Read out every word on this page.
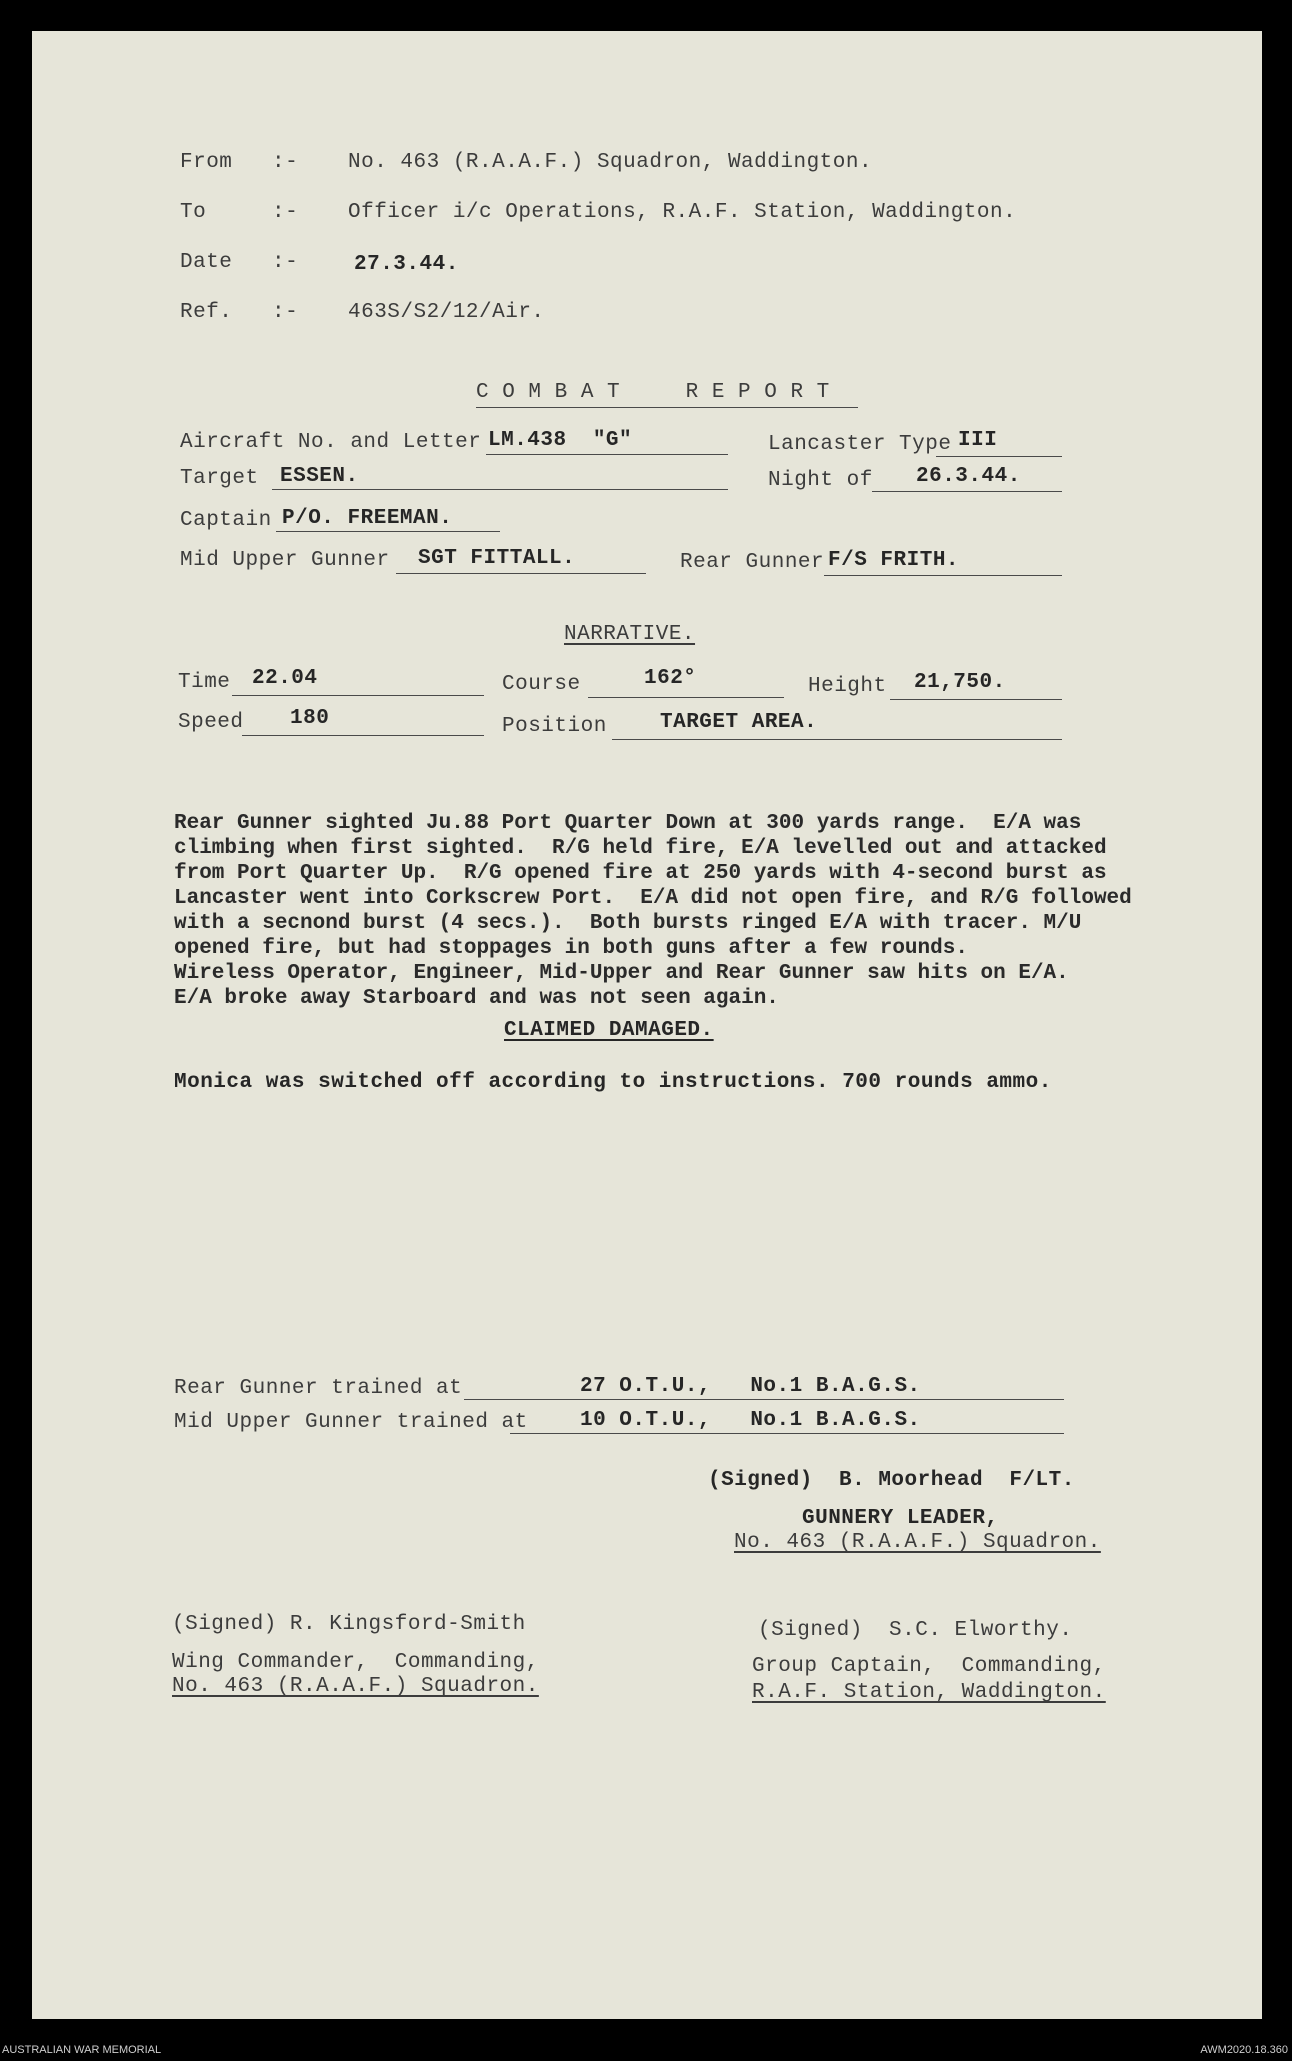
From :- No. 463 (R.A.A.F.) Squadron, Waddington.
To	:- Officer i/c Operations, R.A.F. Station, Waddington.
Date :-	27.3.44.
Ref. :- 463S/S2/12/Air.
C O M B A T     R E P O R T
Aircraft No. and Letter LM.438  "G"	Lancaster Type III
Target ESSEN.	Night of 26.3.44.
Captain P/O. FREEMAN.
Mid Upper Gunner SGT FITTALL.	Rear Gunner F/S FRITH.
NARRATIVE.
Time 22.04	Course	162°	Height 21,750.
Speed 180	Position	TARGET AREA.
Rear Gunner sighted Ju.88 Port Quarter Down at 300 yards range.  E/A was
climbing when first sighted.  R/G held fire, E/A levelled out and attacked
from Port Quarter Up.  R/G opened fire at 250 yards with 4-second burst as
Lancaster went into Corkscrew Port.  E/A did not open fire, and R/G followed
with a secnond burst (4 secs.).  Both bursts ringed E/A with tracer. M/U
opened fire, but had stoppages in both guns after a few rounds.
Wireless Operator, Engineer, Mid-Upper and Rear Gunner saw hits on E/A.
E/A broke away Starboard and was not seen again.
CLAIMED DAMAGED.
Monica was switched off according to instructions. 700 rounds ammo.
Rear Gunner trained at	27 O.T.U.,   No.1 B.A.G.S.
Mid Upper Gunner trained at 10 O.T.U.,   No.1 B.A.G.S.
(Signed)  B. Moorhead  F/LT.
GUNNERY LEADER,
No. 463 (R.A.A.F.) Squadron.
(Signed) R. Kingsford-Smith
Wing Commander,  Commanding,
No. 463 (R.A.A.F.) Squadron.
(Signed)  S.C. Elworthy.
Group Captain,  Commanding,
R.A.F. Station, Waddington.
AUSTRALIAN WAR MEMORIAL	AWM2020.18.360
